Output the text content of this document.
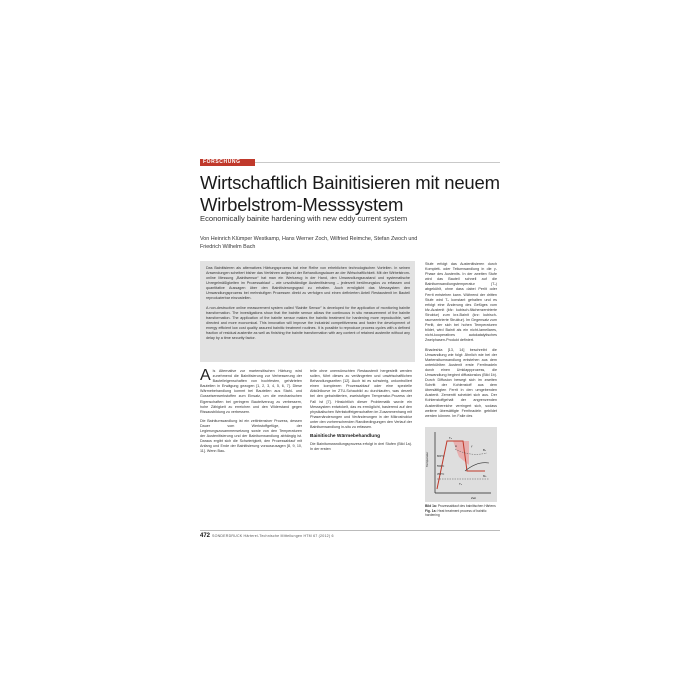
FORSCHUNG
Wirtschaftlich Bainitisieren mit neuem Wirbelstrom-Messsystem
Economically bainite hardening with new eddy current system
Von Heinrich Klümper Westkamp, Hans Werner Zoch, Wilfried Reimche, Stefan Zwoch und Friedrich Wilhelm Bach

Das Bainitisieren als alternatives Härtungsprozess hat eine Reihe von erheblichen technologischen Vorteilen. In seinen Anwendungen scheitert bisher das Verfahren aufgrund der Behandlungsdauer an der Wirtschaftlichkeit. Mit der Wirbelstrom-online Messung „Bainitsensor“ hat man ein Werkzeug in der Hand, den Umwandlungszustand und systematische Unregelmäßigkeiten im Prozessablauf – wie unvollständige Austenitisierung – jederzeit berührungslos zu erfassen und quantitative Aussagen über den Bainitisierungsgrad zu erhalten. Auch ermöglicht das Messsystem den Umwandlungsprozess bei mehrstufigen Prozessen direkt zu verfolgen und einen definierten Anteil Restaustenit im Bauteil reproduzierbar einzustellen.

A non-destructive online measurement system called “Bainite Sensor” is developed for the application of monitoring bainite transformation. The investigations show that the bainite sensor allows the continuous in situ measurement of the bainite transformation. The application of the bainite sensor makes the bainitic treatment for hardening more reproducible, well directed and more economical. This innovation will improve the industrial competitiveness and foster the development of energy efficient low cost quality assured bainitic treatment routines. It is possible to reproduce process cycles with a defined fraction of residual austenite as well as finishing the bainite transformation with any content of retained austenite without any delay by a time security factor.

Stufe erfolgt das Austenitisieren durch Komplett- oder Teilumwandlung in die γ-Phase des Austenits. In der zweiten Stufe wird das Bauteil schnell auf die Bainitumwandlungstemperatur (Tᵤ) abgekühlt, ohne dass dabei Perlit oder Ferrit entstehen kann. Während der dritten Stufe wird Tᵤ konstant gehalten und es erfolgt eine Änderung des Gefüges vom kfz-Austenit (kfz: kubisch-flächenzentrierte Struktur) zum krz-Bainit (krz: kubisch-raumzentrierte Struktur). Im Gegensatz zum Perlit, der sich bei hohen Temperaturen bildet, wird Bainit als ein nicht-lamellares, nicht-kooperatives autokatalytisches Zweiphasen-Produkt definiert.

Bhadeshia [13, 14] beschreibt die Umwandlung wie folgt: Ähnlich wie bei der Martensitumwandlung entstehen aus dem unterkühlten Austenit erste Ferritnadeln durch einen Umklappprozess, die Umwandlung beginnt diffusionslos (Bild 1b). Durch Diffusion bewegt sich im zweiten Schritt der Kohlenstoff aus dem übersättigten Ferrit in den umgebenden Austenit. Zementit scheidet sich aus. Der Kohlenstoffgehalt der angrenzenden Austenitbereiche verringert sich, sodass weitere übersättigte Ferritnadeln gebildet werden können. Im Falle des

Als Alternative zur martensitischen Härtung wird zunehmend die Bainitisierung zur Verbesserung der Bauteileigenschaften von hochfesten, gehärteten Bauteilen in Erwägung gezogen [1, 2, 3, 4, 5, 6, 7]. Diese Wärmebehandlung kommt bei Bauteilen aus Stahl- und Gusseisenwerkstoffen zum Einsatz, um die mechanischen Eigenschaften bei geringem Bauteilverzug zu verbessern, hohe Zähigkeit zu erreichen und den Widerstand gegen Rissausbildung zu verbessern.

Die Bainitumwandlung ist ein zeitintensiver Prozess, dessen Dauer vom Werkstoffgefüge, der Legierungszusammensetzung sowie von den Temperaturen der Austenitisierung und der Bainitumwandlung abhängig ist. Daraus ergibt sich die Schwierigkeit, den Prozessablauf mit Anfang und Ende der Bainitisierung vorauszusagen [8, 9, 10, 11]. Wenn Bau-

teile ohne unerwünschten Restaustenit hergestellt werden sollen, führt dieses zu verlängerten und unwirtschaftlichen Behandlungszeiten [12]. Auch ist es schwierig, unkontrolliert einen komplexen Prozessablauf oder eine spezielle Abkühlkurve im ZTU-Schaubild zu durchlaufen, was derzeit bei den gebainitierten, zweistufigen Temperatur-Prozess der Fall ist [7]. Hinsichtlich dieser Problematik wurde ein Messsystem entwickelt, das es ermöglicht, basierend auf den physikalischen Werkstoffeigenschaften im Zusammenhang mit Phasenänderungen und Veränderungen in der Mikrostruktur unter den vorherrschenden Randbedingungen den Verlauf der Bainitumwandlung in-situ zu erfassen.

Bainitische Wärmebehandlung

Die Bainitumwandlungsprozess erfolgt in drei Stufen (Bild 1a). In der ersten

Temperatur
Zeit
Tₐ
A	γ
Bₛ
Mₛ
800°C
550°C
350°C
Tᵤ
Bild 1a: Prozessablauf des bainitischen Härtens
Fig. 1a: Heat treatment process of bainitic hardening
472 SONDERDRUCK Härterei-Technische Mitteilungen HTM 67 (2012) 6
